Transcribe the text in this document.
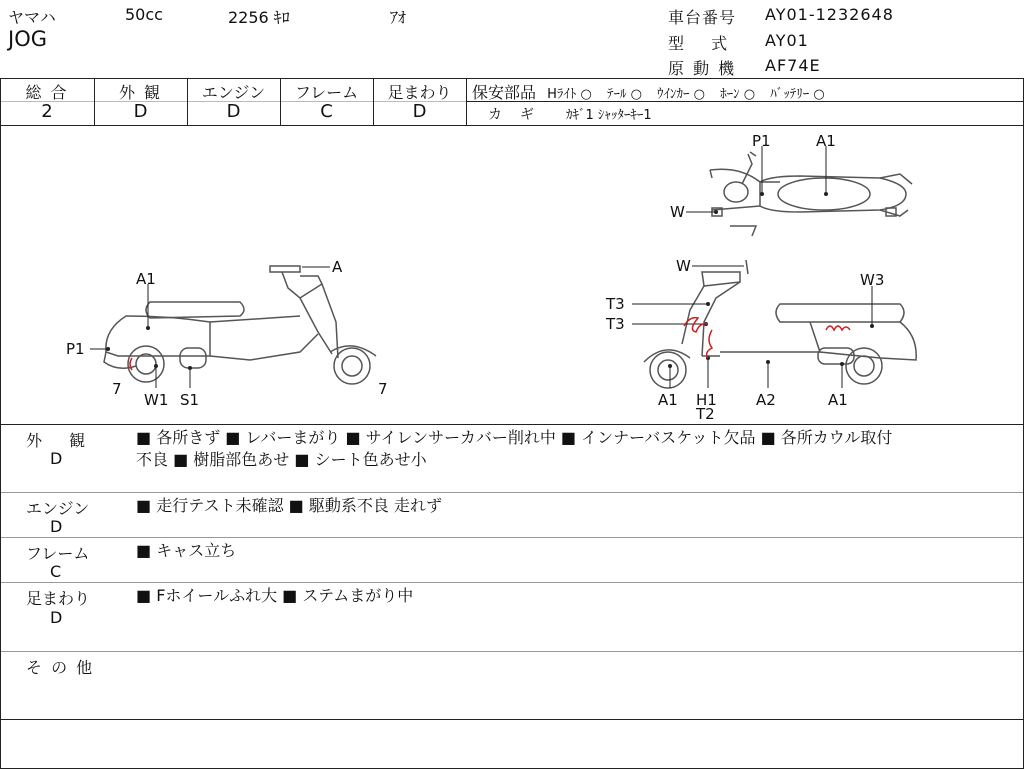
ヤマハ	50cc	2256 ｷﾛ	ｱｵ
JOG
車台番号 AY01-1232648
型　 式 AY01
原 動 機 AF74E
総 合	外 観	エンジン	フレーム	足まわり
2	D	D	C	D
保安部品 Hﾗｲﾄ ○ ﾃｰﾙ ○ ｳｲﾝｶｰ ○ ﾎｰﾝ ○ ﾊﾞｯﾃﾘｰ ○
カ　ギ ｶｷﾞ1 ｼｬｯﾀｰｷｰ1
A
A1
P1
7
W1 S1
7
P1	A1
W
W
W3
T3
T3
A1 H1
T2
A2	A1
外　 観
D
■ 各所きず ■ レバーまがり ■ サイレンサーカバー削れ中 ■ インナーバスケット欠品 ■ 各所カウル取付
不良 ■ 樹脂部色あせ ■ シート色あせ小
エンジン
D
■ 走行テスト未確認 ■ 駆動系不良 走れず
フレーム
C
■ キャス立ち
足まわり
D
■ Fホイールふれ大 ■ ステムまがり中
そ の 他
